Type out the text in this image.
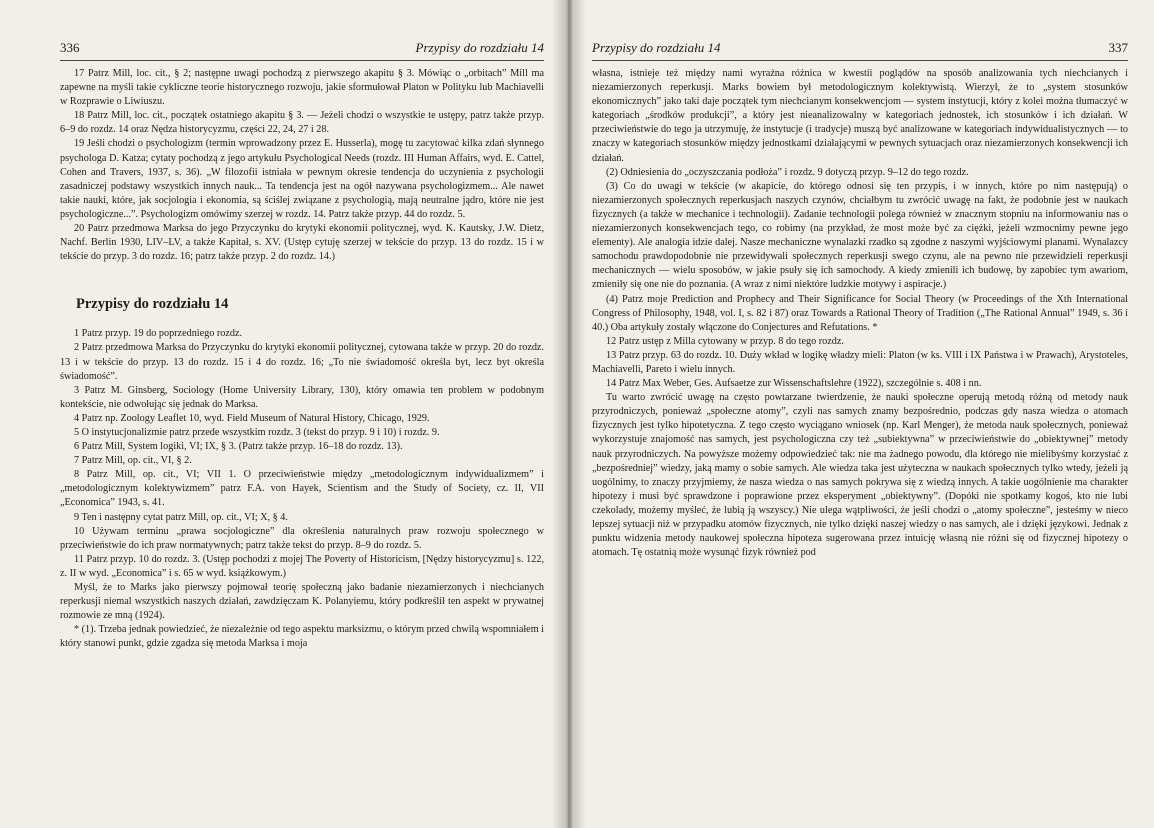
336	Przypisy do rozdziału 14

17 Patrz Mill, loc. cit., § 2; następne uwagi pochodzą z pierwszego akapitu § 3. Mówiąc o „orbitach” Mill ma zapewne na myśli takie cykliczne teorie historycznego rozwoju, jakie sformułował Platon w Polityku lub Machiavelli w Rozprawie o Liwiuszu.

18 Patrz Mill, loc. cit., początek ostatniego akapitu § 3. — Jeżeli chodzi o wszystkie te ustępy, patrz także przyp. 6–9 do rozdz. 14 oraz Nędza historycyzmu, części 22, 24, 27 i 28.

19 Jeśli chodzi o psychologizm (termin wprowadzony przez E. Husserla), mogę tu zacytować kilka zdań słynnego psychologa D. Katza; cytaty pochodzą z jego artykułu Psychological Needs (rozdz. III Human Affairs, wyd. E. Cattel, Cohen and Travers, 1937, s. 36). „W filozofii istniała w pewnym okresie tendencja do uczynienia z psychologii zasadniczej podstawy wszystkich innych nauk... Ta tendencja jest na ogół nazywana psychologizmem... Ale nawet takie nauki, które, jak socjologia i ekonomia, są ściślej związane z psychologią, mają neutralne jądro, które nie jest psychologiczne...”. Psychologizm omówimy szerzej w rozdz. 14. Patrz także przyp. 44 do rozdz. 5.

20 Patrz przedmowa Marksa do jego Przyczynku do krytyki ekonomii politycznej, wyd. K. Kautsky, J.W. Dietz, Nachf. Berlin 1930, LIV–LV, a także Kapitał, s. XV. (Ustęp cytuję szerzej w tekście do przyp. 13 do rozdz. 15 i w tekście do przyp. 3 do rozdz. 16; patrz także przyp. 2 do rozdz. 14.)

Przypisy do rozdziału 14

1 Patrz przyp. 19 do poprzedniego rozdz.

2 Patrz przedmowa Marksa do Przyczynku do krytyki ekonomii politycznej, cytowana także w przyp. 20 do rozdz. 13 i w tekście do przyp. 13 do rozdz. 15 i 4 do rozdz. 16; „To nie świadomość określa byt, lecz byt określa świadomość”.

3 Patrz M. Ginsberg, Sociology (Home University Library, 130), który omawia ten problem w podobnym kontekście, nie odwołując się jednak do Marksa.

4 Patrz np. Zoology Leaflet 10, wyd. Field Museum of Natural History, Chicago, 1929.

5 O instytucjonalizmie patrz przede wszystkim rozdz. 3 (tekst do przyp. 9 i 10) i rozdz. 9.

6 Patrz Mill, System logiki, VI; IX, § 3. (Patrz także przyp. 16–18 do rozdz. 13).

7 Patrz Mill, op. cit., VI, § 2.

8 Patrz Mill, op. cit., VI; VII 1. O przeciwieństwie między „metodologicznym indywidualizmem” i „metodologicznym kolektywizmem” patrz F.A. von Hayek, Scientism and the Study of Society, cz. II, VII „Economica” 1943, s. 41.

9 Ten i następny cytat patrz Mill, op. cit., VI; X, § 4.

10 Używam terminu „prawa socjologiczne” dla określenia naturalnych praw rozwoju społecznego w przeciwieństwie do ich praw normatywnych; patrz także tekst do przyp. 8–9 do rozdz. 5.

11 Patrz przyp. 10 do rozdz. 3. (Ustęp pochodzi z mojej The Poverty of Historicism, [Nędzy historycyzmu] s. 122, z. II w wyd. „Economica” i s. 65 w wyd. książkowym.)

Myśl, że to Marks jako pierwszy pojmował teorię społeczną jako badanie niezamierzonych i niechcianych reperkusji niemal wszystkich naszych działań, zawdzięczam K. Polanyiemu, który podkreślił ten aspekt w prywatnej rozmowie ze mną (1924).

* (1). Trzeba jednak powiedzieć, że niezależnie od tego aspektu marksizmu, o którym przed chwilą wspomniałem i który stanowi punkt, gdzie zgadza się metoda Marksa i moja

Przypisy do rozdziału 14	337

własna, istnieje też między nami wyraźna różnica w kwestii poglądów na sposób analizowania tych niechcianych i niezamierzonych reperkusji. Marks bowiem był metodologicznym kolektywistą. Wierzył, że to „system stosunków ekonomicznych” jako taki daje początek tym niechcianym konsekwencjom — system instytucji, który z kolei można tłumaczyć w kategoriach „środków produkcji”, a który jest nieanalizowalny w kategoriach jednostek, ich stosunków i ich działań. W przeciwieństwie do tego ja utrzymuję, że instytucje (i tradycje) muszą być analizowane w kategoriach indywidualistycznych — to znaczy w kategoriach stosunków między jednostkami działającymi w pewnych sytuacjach oraz niezamierzonych konsekwencji ich działań.

(2) Odniesienia do „oczyszczania podłoża” i rozdz. 9 dotyczą przyp. 9–12 do tego rozdz.

(3) Co do uwagi w tekście (w akapicie, do którego odnosi się ten przypis, i w innych, które po nim następują) o niezamierzonych społecznych reperkusjach naszych czynów, chciałbym tu zwrócić uwagę na fakt, że podobnie jest w naukach fizycznych (a także w mechanice i technologii). Zadanie technologii polega również w znacznym stopniu na informowaniu nas o niezamierzonych konsekwencjach tego, co robimy (na przykład, że most może być za ciężki, jeżeli wzmocnimy pewne jego elementy). Ale analogia idzie dalej. Nasze mechaniczne wynalazki rzadko są zgodne z naszymi wyjściowymi planami. Wynalazcy samochodu prawdopodobnie nie przewidywali społecznych reperkusji swego czynu, ale na pewno nie przewidzieli reperkusji mechanicznych — wielu sposobów, w jakie psuły się ich samochody. A kiedy zmienili ich budowę, by zapobiec tym awariom, zmieniły się one nie do poznania. (A wraz z nimi niektóre ludzkie motywy i aspiracje.)

(4) Patrz moje Prediction and Prophecy and Their Significance for Social Theory (w Proceedings of the Xth International Congress of Philosophy, 1948, vol. I, s. 82 i 87) oraz Towards a Rational Theory of Tradition („The Rational Annual” 1949, s. 36 i 40.) Oba artykuły zostały włączone do Conjectures and Refutations. *

12 Patrz ustęp z Milla cytowany w przyp. 8 do tego rozdz.

13 Patrz przyp. 63 do rozdz. 10. Duży wkład w logikę władzy mieli: Platon (w ks. VIII i IX Państwa i w Prawach), Arystoteles, Machiavelli, Pareto i wielu innych.

14 Patrz Max Weber, Ges. Aufsaetze zur Wissenschaftslehre (1922), szczególnie s. 408 i nn.

Tu warto zwrócić uwagę na często powtarzane twierdzenie, że nauki społeczne operują metodą różną od metody nauk przyrodniczych, ponieważ „społeczne atomy”, czyli nas samych znamy bezpośrednio, podczas gdy nasza wiedza o atomach fizycznych jest tylko hipotetyczna. Z tego często wyciągano wniosek (np. Karl Menger), że metoda nauk społecznych, ponieważ wykorzystuje znajomość nas samych, jest psychologiczna czy też „subiektywna” w przeciwieństwie do „obiektywnej” metody nauk przyrodniczych. Na powyższe możemy odpowiedzieć tak: nie ma żadnego powodu, dla którego nie mielibyśmy korzystać z „bezpośredniej” wiedzy, jaką mamy o sobie samych. Ale wiedza taka jest użyteczna w naukach społecznych tylko wtedy, jeżeli ją uogólnimy, to znaczy przyjmiemy, że nasza wiedza o nas samych pokrywa się z wiedzą innych. A takie uogólnienie ma charakter hipotezy i musi być sprawdzone i poprawione przez eksperyment „obiektywny”. (Dopóki nie spotkamy kogoś, kto nie lubi czekolady, możemy myśleć, że lubią ją wszyscy.) Nie ulega wątpliwości, że jeśli chodzi o „atomy społeczne”, jesteśmy w nieco lepszej sytuacji niż w przypadku atomów fizycznych, nie tylko dzięki naszej wiedzy o nas samych, ale i dzięki językowi. Jednak z punktu widzenia metody naukowej społeczna hipoteza sugerowana przez intuicję własną nie różni się od fizycznej hipotezy o atomach. Tę ostatnią może wysunąć fizyk również pod
